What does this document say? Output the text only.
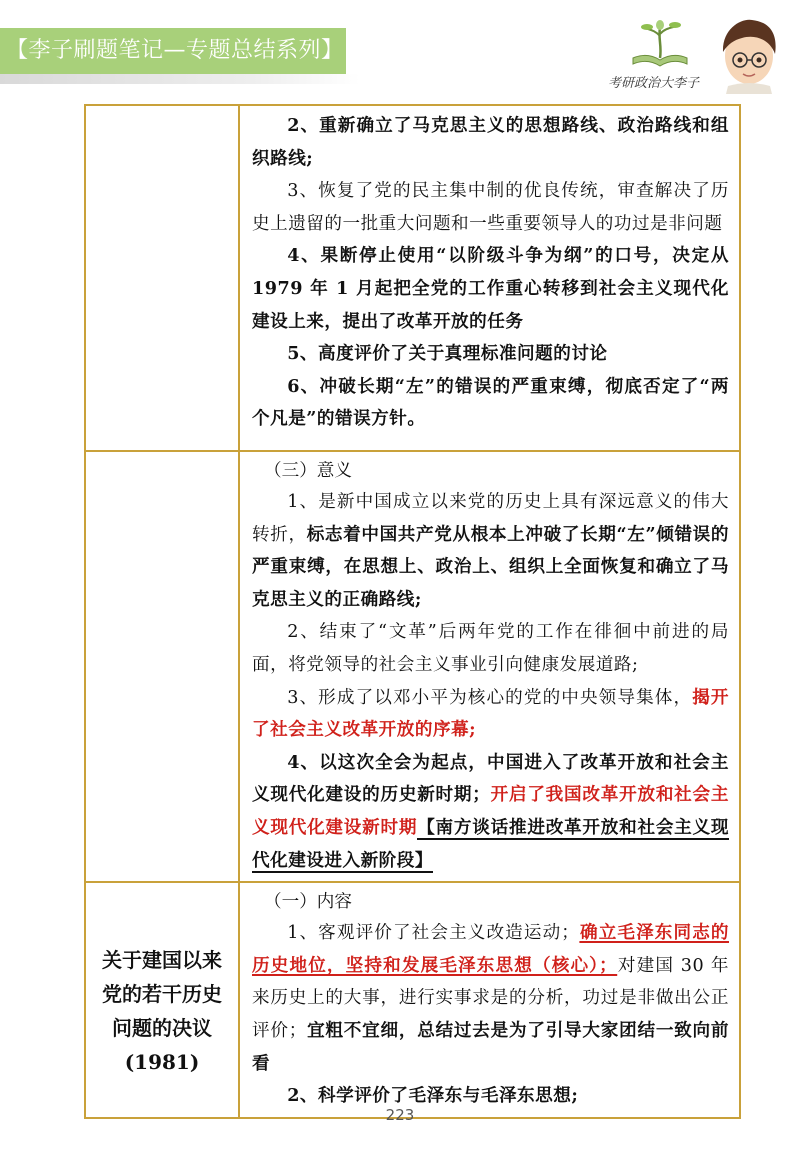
【李子刷题笔记—专题总结系列】
考研政治大李子

	2、重新确立了马克思主义的思想路线、政治路线和组织路线;

3、恢复了党的民主集中制的优良传统，审查解决了历史上遗留的一批重大问题和一些重要领导人的功过是非问题

4、果断停止使用“以阶级斗争为纲”的口号，决定从 1979 年 1 月起把全党的工作重心转移到社会主义现代化建设上来，提出了改革开放的任务

5、高度评价了关于真理标准问题的讨论

6、冲破长期“左”的错误的严重束缚，彻底否定了“两个凡是”的错误方针。

	（三）意义

1、是新中国成立以来党的历史上具有深远意义的伟大转折，标志着中国共产党从根本上冲破了长期“左”倾错误的严重束缚，在思想上、政治上、组织上全面恢复和确立了马克思主义的正确路线;

2、结束了“文革”后两年党的工作在徘徊中前进的局面，将党领导的社会主义事业引向健康发展道路;

3、形成了以邓小平为核心的党的中央领导集体，揭开了社会主义改革开放的序幕;

4、以这次全会为起点，中国进入了改革开放和社会主义现代化建设的历史新时期；开启了我国改革开放和社会主义现代化建设新时期【南方谈话推进改革开放和社会主义现代化建设进入新阶段】

关于建国以来党的若干历史问题的决议(1981)	（一）内容

1、客观评价了社会主义改造运动；确立毛泽东同志的历史地位，坚持和发展毛泽东思想（核心）；对建国 30 年来历史上的大事，进行实事求是的分析，功过是非做出公正评价；宜粗不宜细，总结过去是为了引导大家团结一致向前看

2、科学评价了毛泽东与毛泽东思想;

223
